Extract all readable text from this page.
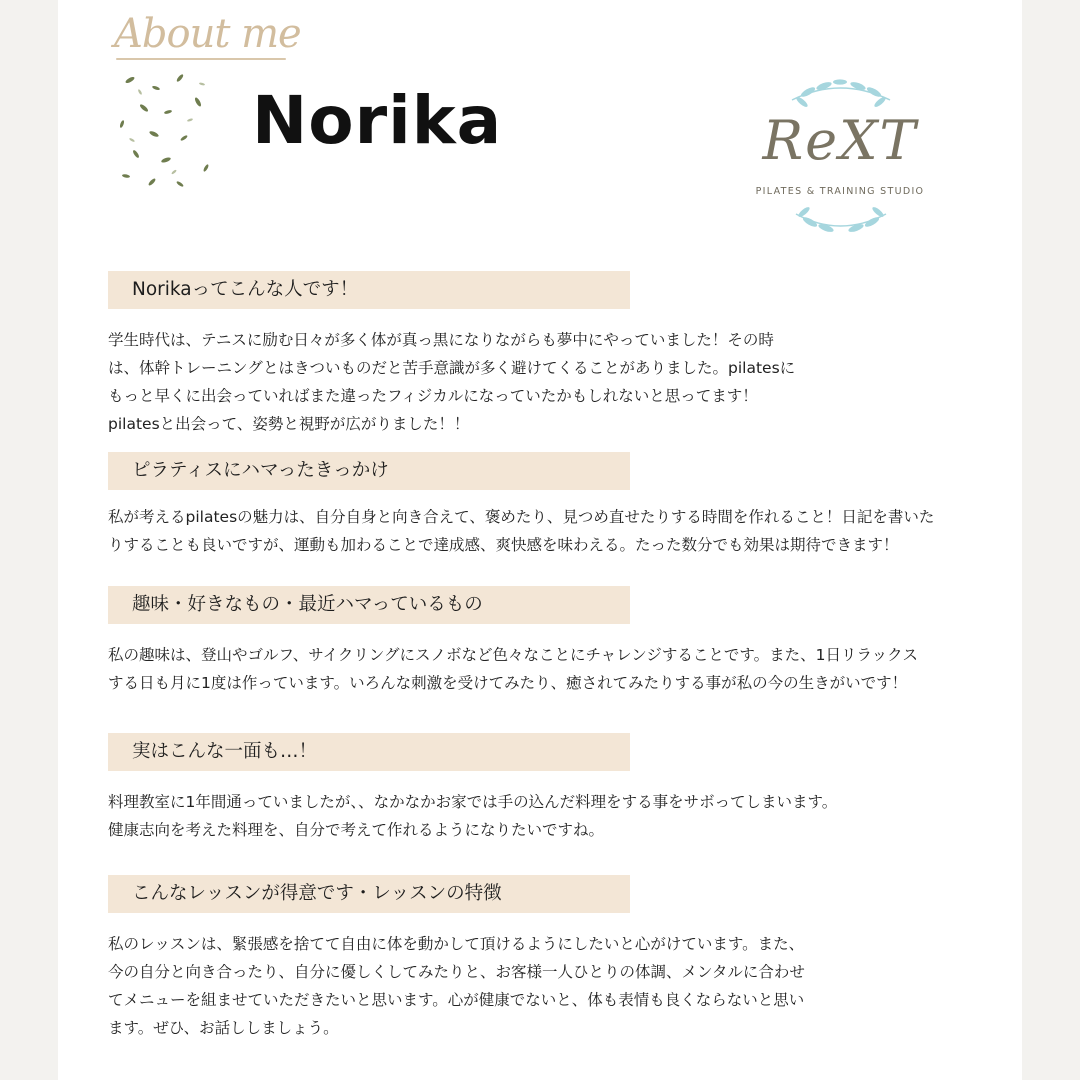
About me
Norika	ReXT
PILATES & TRAINING STUDIO
Norikaってこんな人です！
学生時代は、テニスに励む日々が多く体が真っ黒になりながらも夢中にやっていました！その時
は、体幹トレーニングとはきついものだと苦手意識が多く避けてくることがありました。pilatesに
もっと早くに出会っていればまた違ったフィジカルになっていたかもしれないと思ってます！
pilatesと出会って、姿勢と視野が広がりました！！
ピラティスにハマったきっかけ
私が考えるpilatesの魅力は、自分自身と向き合えて、褒めたり、見つめ直せたりする時間を作れること！日記を書いた
りすることも良いですが、運動も加わることで達成感、爽快感を味わえる。たった数分でも効果は期待できます！
趣味・好きなもの・最近ハマっているもの
私の趣味は、登山やゴルフ、サイクリングにスノボなど色々なことにチャレンジすることです。また、1日リラックス
する日も月に1度は作っています。いろんな刺激を受けてみたり、癒されてみたりする事が私の今の生きがいです！
実はこんな一面も…！
料理教室に1年間通っていましたが、、なかなかお家では手の込んだ料理をする事をサボってしまいます。
健康志向を考えた料理を、自分で考えて作れるようになりたいですね。
こんなレッスンが得意です・レッスンの特徴
私のレッスンは、緊張感を捨てて自由に体を動かして頂けるようにしたいと心がけています。また、
今の自分と向き合ったり、自分に優しくしてみたりと、お客様一人ひとりの体調、メンタルに合わせ
てメニューを組ませていただきたいと思います。心が健康でないと、体も表情も良くならないと思い
ます。ぜひ、お話ししましょう。
